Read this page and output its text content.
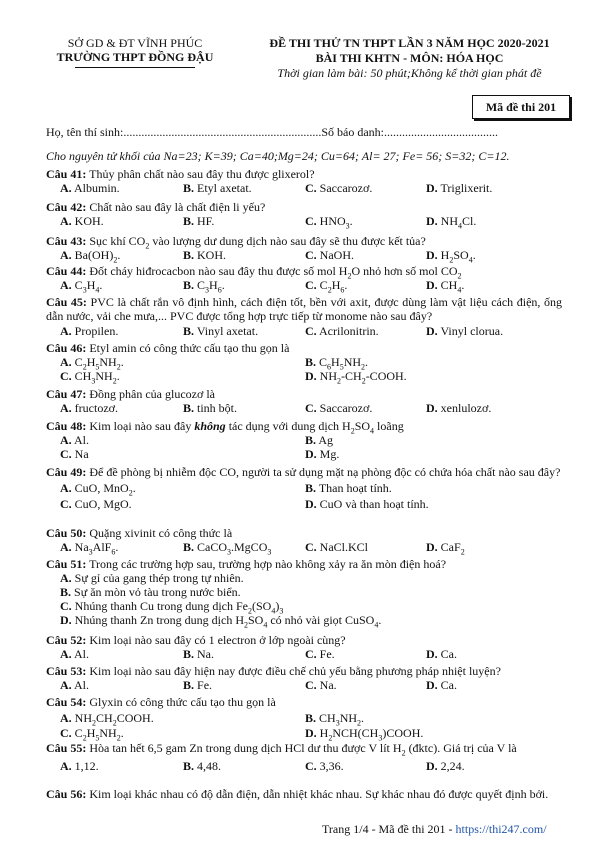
SỞ GD & ĐT VĨNH PHÚC
TRƯỜNG THPT ĐỒNG ĐẬU
ĐỀ THI THỬ TN THPT LẦN 3 NĂM HỌC 2020-2021
BÀI THI KHTN - MÔN: HÓA HỌC
Thời gian làm bài: 50 phút;Không kể thời gian phát đề
Mã đề thi 201
Họ, tên thí sinh:..................................................................Số báo danh:......................................
Cho nguyên tử khối của Na=23; K=39; Ca=40;Mg=24; Cu=64; Al= 27; Fe= 56; S=32; C=12.
Câu 41: Thủy phân chất nào sau đây thu được glixerol?
A. Albumin.	B. Etyl axetat.	C. Saccarozơ.	D. Triglixerit.
Câu 42: Chất nào sau đây là chất điện li yếu?
A. KOH.	B. HF.	C. $HNO_3$.	D. $NH_4Cl$.
Câu 43: Sục khí $CO_2$ vào lượng dư dung dịch nào sau đây sẽ thu được kết tủa?
A. $Ba(OH)_2$.	B. KOH.	C. NaOH.	D. $H_2SO_4$.
Câu 44: Đốt cháy hiđrocacbon nào sau đây thu được số mol $H_2O$ nhỏ hơn số mol $CO_2$
A. $C_3H_4$.	B. $C_3H_6$.	C. $C_2H_6$.	D. $CH_4$.
Câu 45: PVC là chất rắn vô định hình, cách điện tốt, bền với axit, được dùng làm vật liệu cách điện, ống dẫn nước, vải che mưa,... PVC được tổng hợp trực tiếp từ monome nào sau đây?
A. Propilen.	B. Vinyl axetat.	C. Acrilonitrin.	D. Vinyl clorua.
Câu 46: Etyl amin có công thức cấu tạo thu gọn là
A. $C_2H_5NH_2$.	B. $C_6H_5NH_2$.
C. $CH_3NH_2$.	D. $NH_2-CH_2$-COOH.
Câu 47: Đồng phân của glucozơ là
A. fructozơ.	B. tinh bột.	C. Saccarozơ.	D. xenlulozơ.
Câu 48: Kim loại nào sau đây không tác dụng với dung dịch $H_2SO_4$ loãng
A. Al.	B. Ag
C. Na	D. Mg.
Câu 49: Để đề phòng bị nhiễm độc CO, người ta sử dụng mặt nạ phòng độc có chứa hóa chất nào sau đây?
A. CuO, MnO$_2$.	B. Than hoạt tính.
C. CuO, MgO.	D. CuO và than hoạt tính.
Câu 50: Quặng xivinit có công thức là
A. $Na_3AlF_6$.	B. CaCO$_3$.MgCO$_3$	C. NaCl.KCl	D. CaF$_2$
Câu 51: Trong các trường hợp sau, trường hợp nào không xảy ra ăn mòn điện hoá?
A. Sự gỉ của gang thép trong tự nhiên.
B. Sự ăn mòn vỏ tàu trong nước biển.
C. Nhúng thanh Cu trong dung dịch $Fe_2(SO_4)_3$
D. Nhúng thanh Zn trong dung dịch $H_2SO_4$ có nhỏ vài giọt CuSO$_4$.
Câu 52: Kim loại nào sau đây có 1 electron ở lớp ngoài cùng?
A. Al.	B. Na.	C. Fe.	D. Ca.
Câu 53: Kim loại nào sau đây hiện nay được điều chế chủ yếu bằng phương pháp nhiệt luyện?
A. Al.	B. Fe.	C. Na.	D. Ca.
Câu 54: Glyxin có công thức cấu tạo thu gọn là
A. $NH_2CH_2COOH$.	B. $CH_3NH_2$.
C. $C_2H_5NH_2$.	D. $H_2NCH(CH_3)COOH$.
Câu 55: Hòa tan hết 6,5 gam Zn trong dung dịch HCl dư thu được V lít $H_2$ (đktc). Giá trị của V là
A. 1,12.	B. 4,48.	C. 3,36.	D. 2,24.
Câu 56: Kim loại khác nhau có độ dẫn điện, dẫn nhiệt khác nhau. Sự khác nhau đó được quyết định bởi.
Trang 1/4 - Mã đề thi 201 - https://thi247.com/
